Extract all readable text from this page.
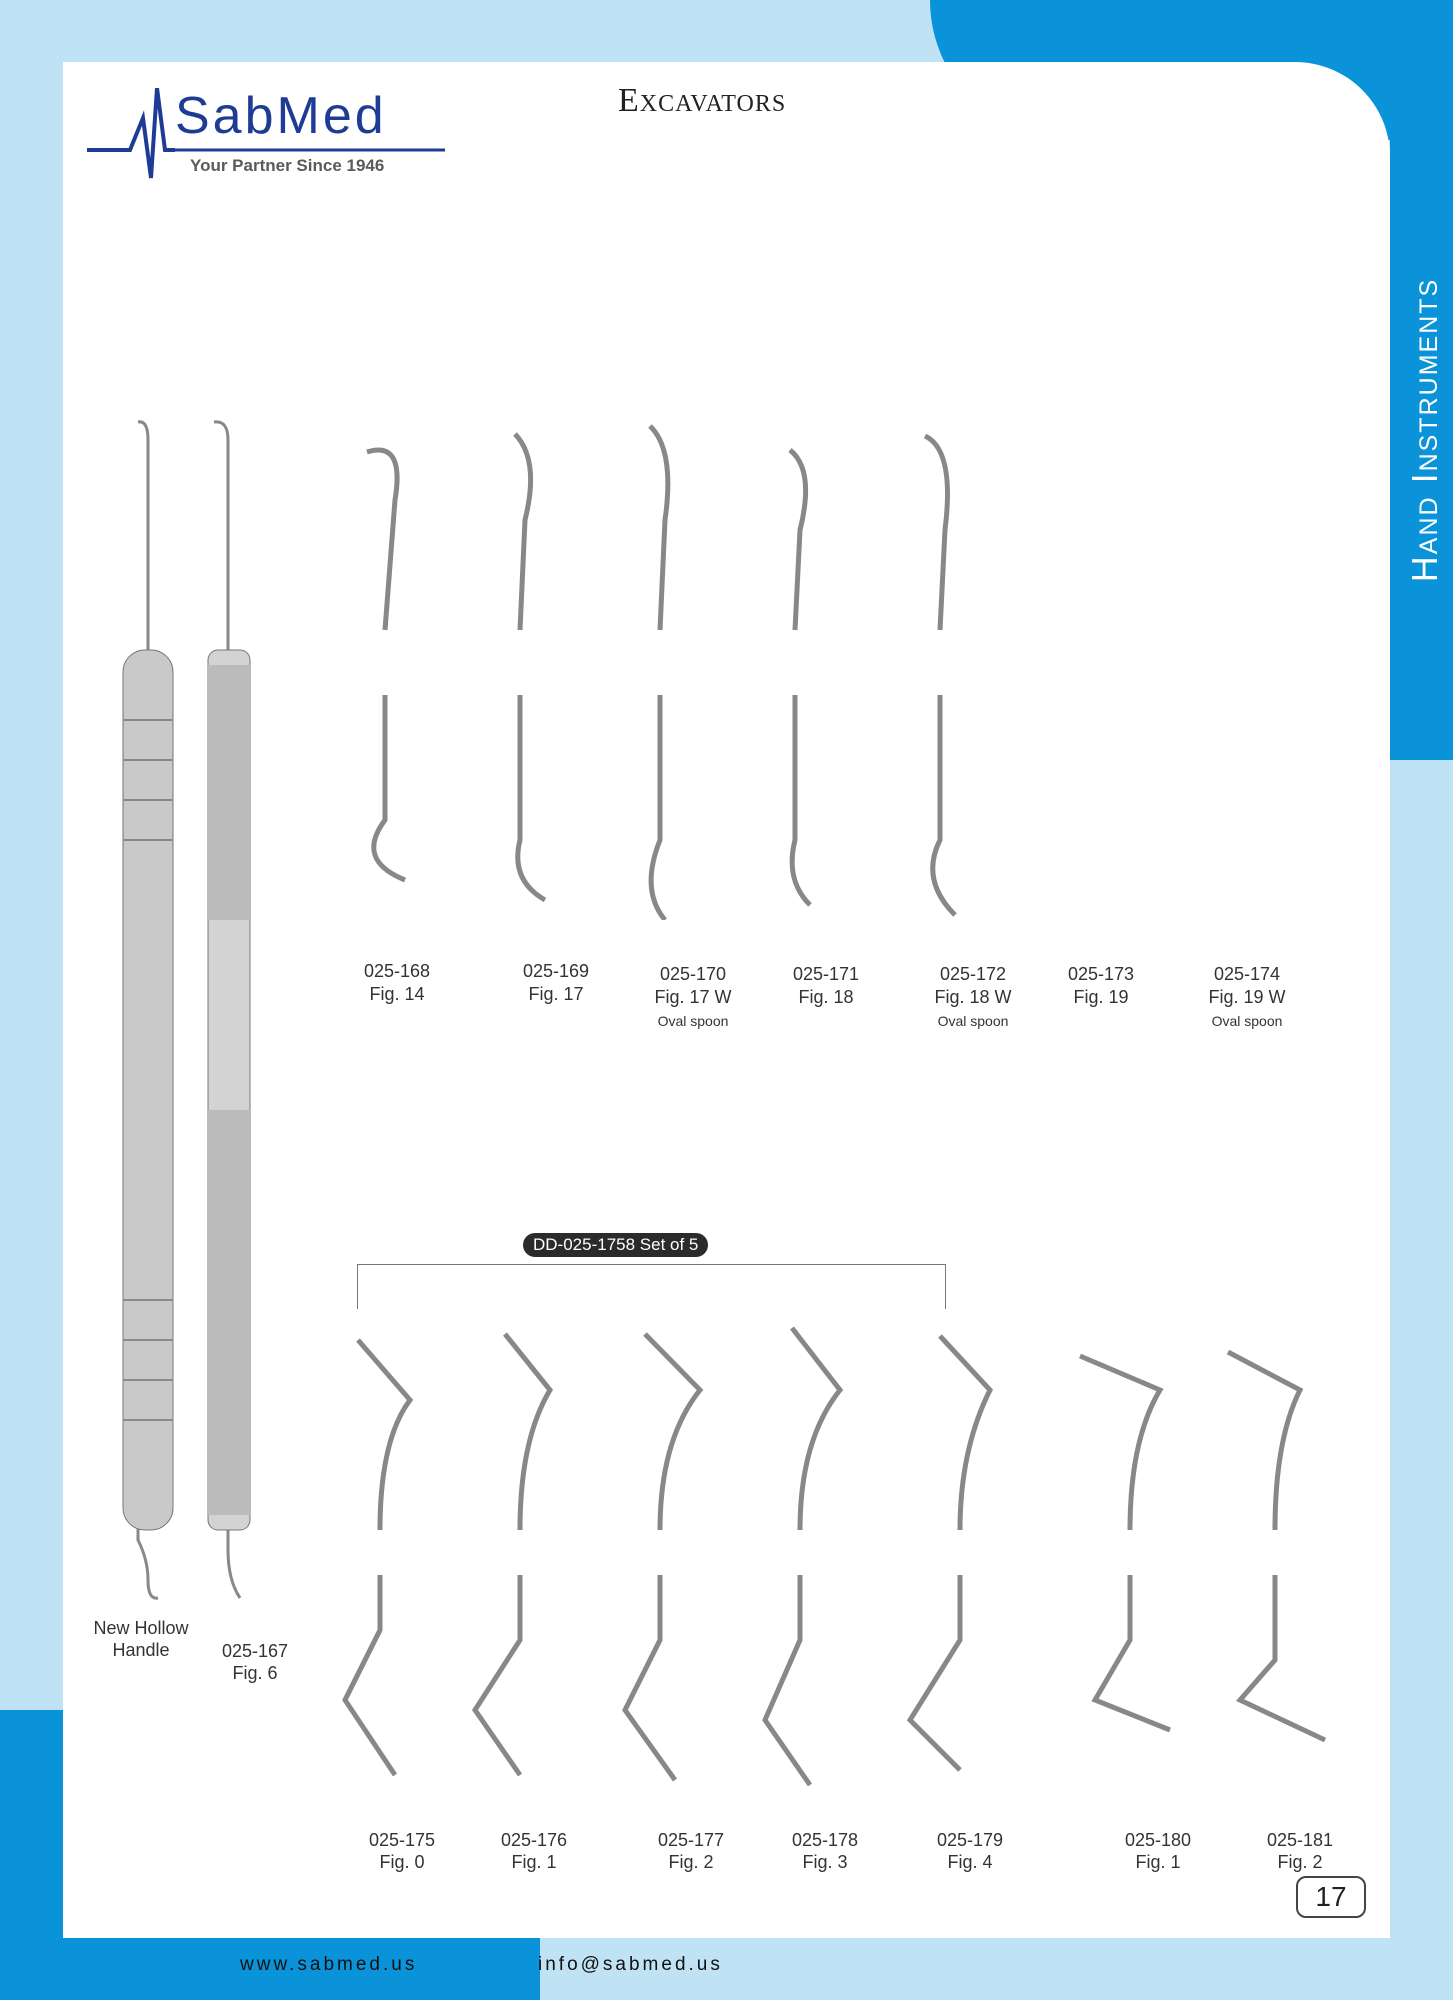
SabMed
Your Partner Since 1946
Excavators
Hand Instruments
New Hollow Handle	025-167
Fig. 6
025-168
Fig. 14
025-169
Fig. 17
025-170
Fig. 17 W
Oval spoon
025-171
Fig. 18
025-172
Fig. 18 W
Oval spoon
025-173
Fig. 19
025-174
Fig. 19 W
Oval spoon
DD-025-1758 Set of 5
025-175
Fig. 0
025-176
Fig. 1
025-177
Fig. 2
025-178
Fig. 3
025-179
Fig. 4
025-180
Fig. 1
025-181
Fig. 2
17
www.sabmed.us	info@sabmed.us
